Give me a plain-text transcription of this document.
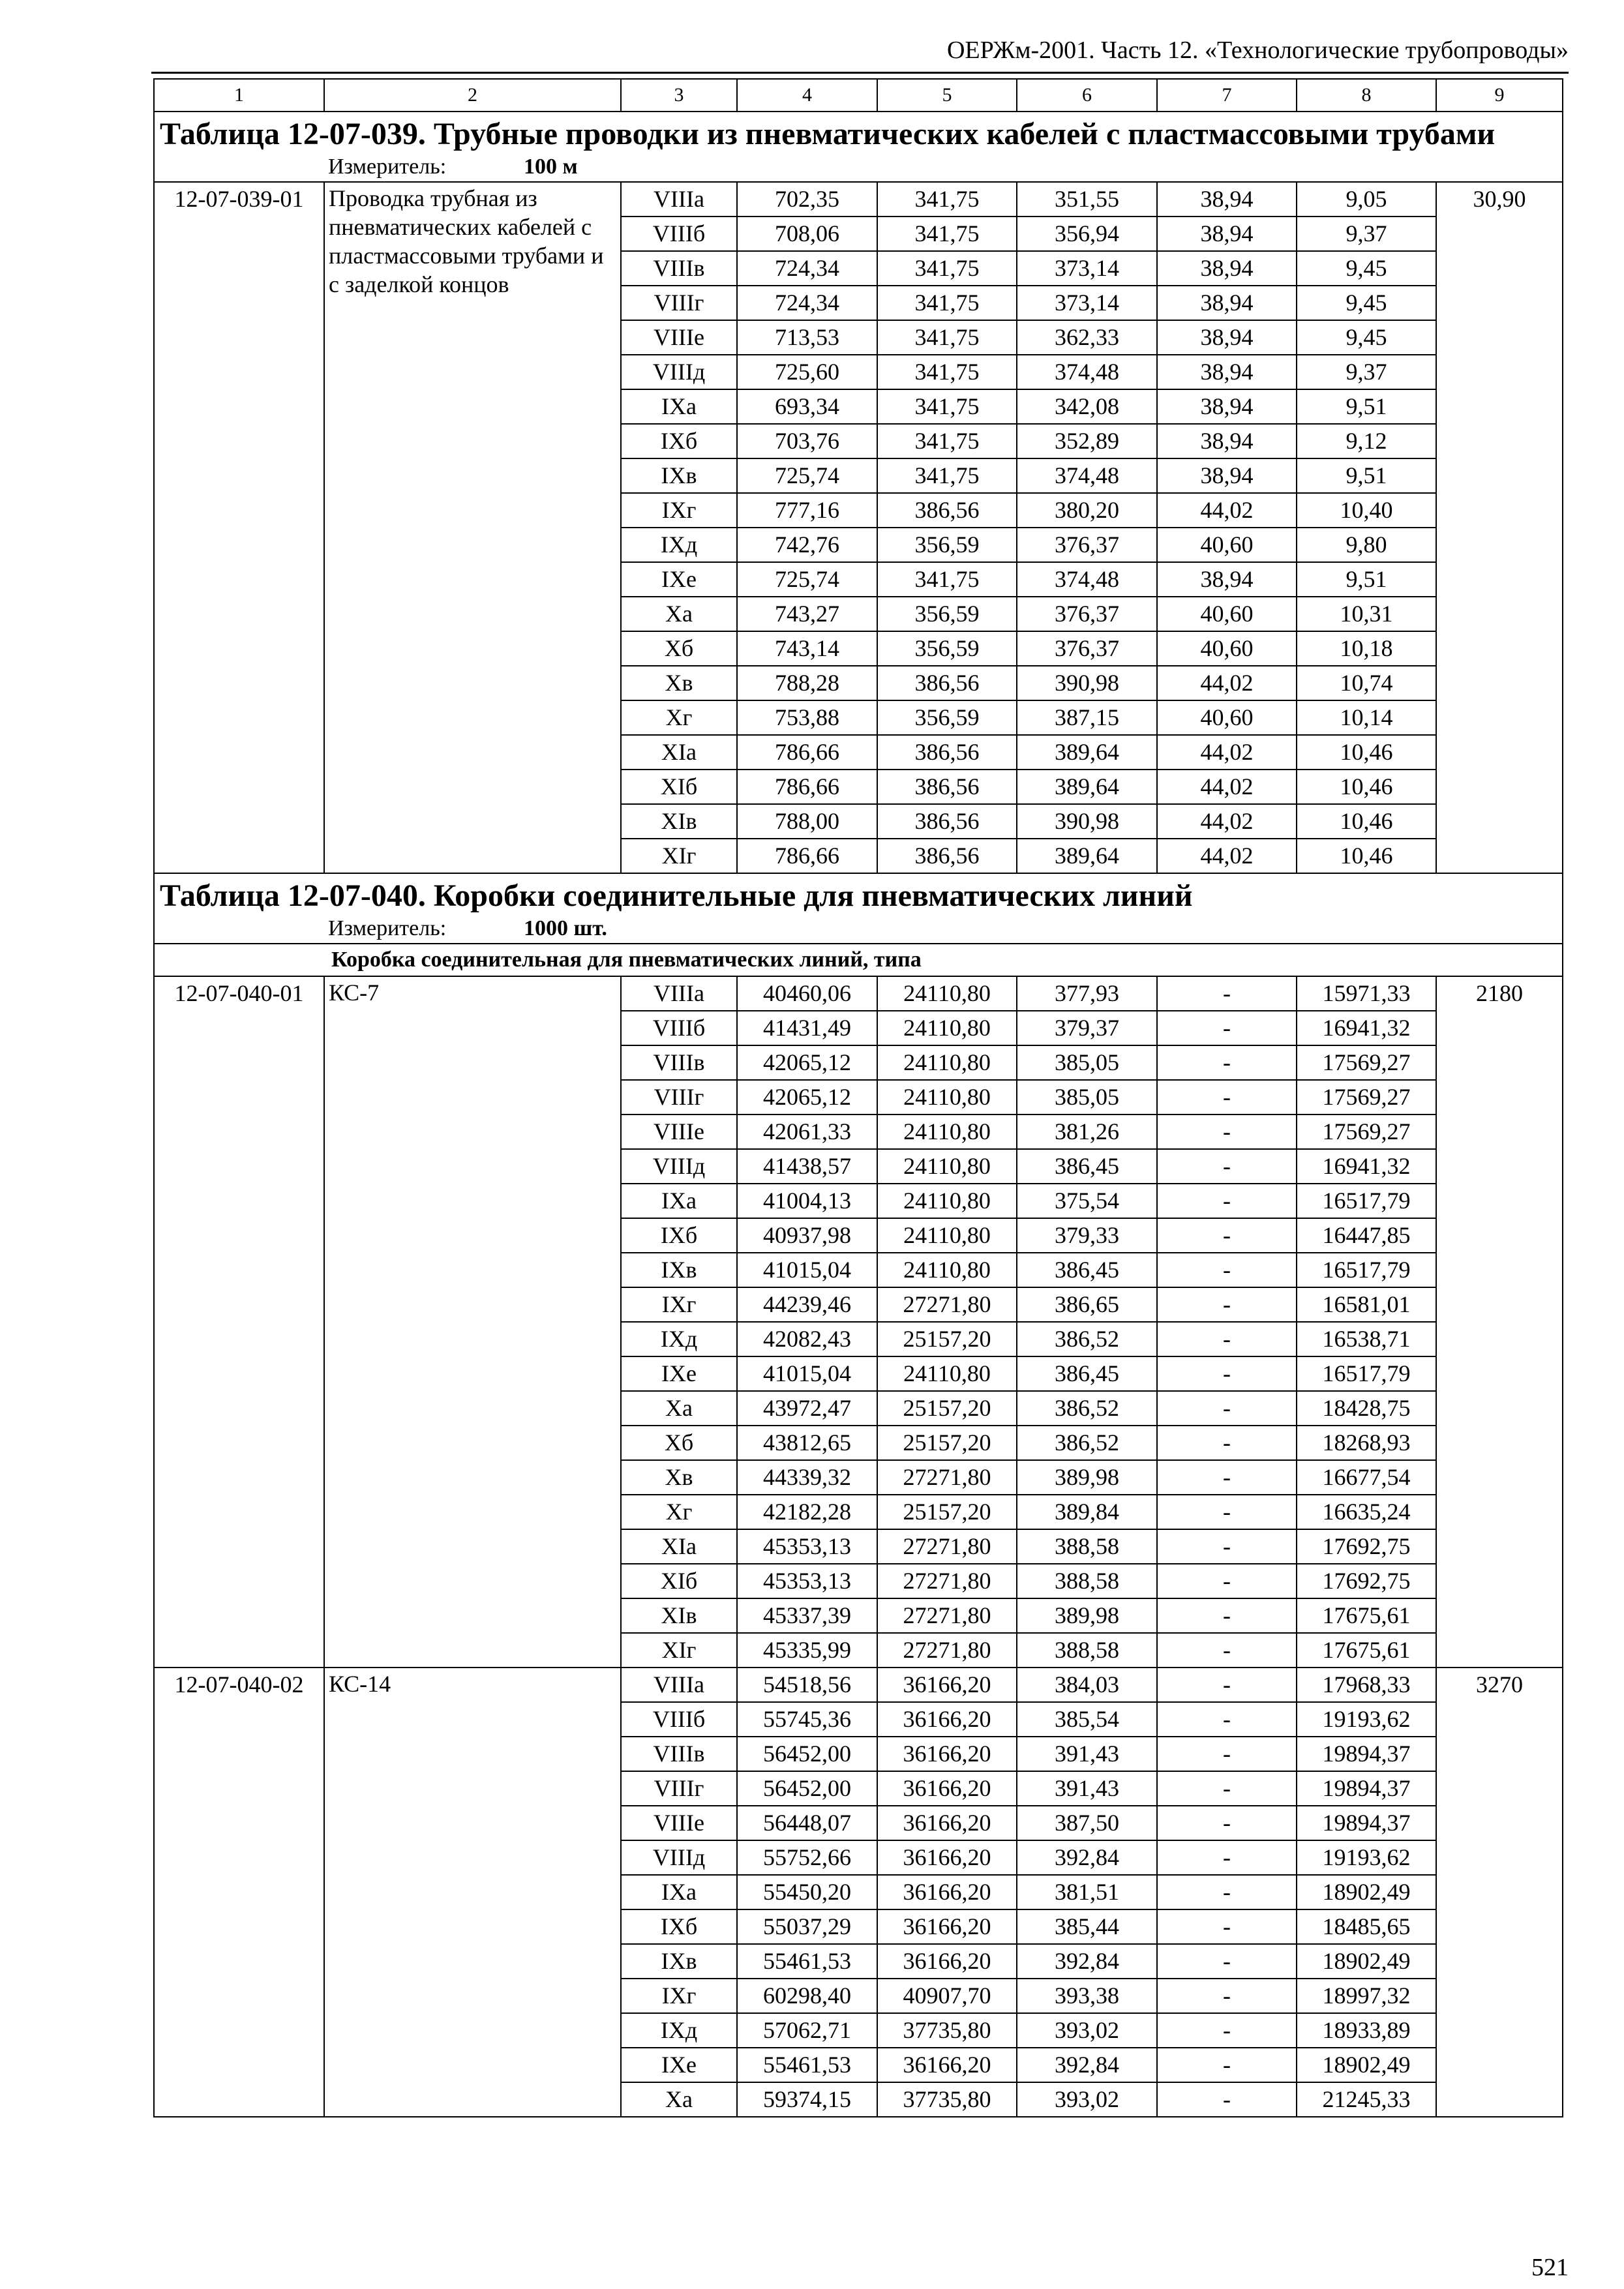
ОЕРЖм-2001. Часть 12. «Технологические трубопроводы»
1	2	3	4	5	6	7	8	9
Таблица 12-07-039. Трубные проводки из пневматических кабелей с пластмассовыми трубами								
Измеритель: 100 м								
12-07-039-01	Проводка трубная из пневматических кабелей с пластмассовыми трубами и с заделкой концов	VIIIа	702,35	341,75	351,55	38,94	9,05	30,90
		VIIIб	708,06	341,75	356,94	38,94	9,37	
		VIIIв	724,34	341,75	373,14	38,94	9,45	
		VIIIг	724,34	341,75	373,14	38,94	9,45	
		VIIIе	713,53	341,75	362,33	38,94	9,45	
		VIIIд	725,60	341,75	374,48	38,94	9,37	
		IXа	693,34	341,75	342,08	38,94	9,51	
		IXб	703,76	341,75	352,89	38,94	9,12	
		IXв	725,74	341,75	374,48	38,94	9,51	
		IXг	777,16	386,56	380,20	44,02	10,40	
		IXд	742,76	356,59	376,37	40,60	9,80	
		IXе	725,74	341,75	374,48	38,94	9,51	
		Xа	743,27	356,59	376,37	40,60	10,31	
		Xб	743,14	356,59	376,37	40,60	10,18	
		Xв	788,28	386,56	390,98	44,02	10,74	
		Xг	753,88	356,59	387,15	40,60	10,14	
		XIа	786,66	386,56	389,64	44,02	10,46	
		XIб	786,66	386,56	389,64	44,02	10,46	
		XIв	788,00	386,56	390,98	44,02	10,46	
		XIг	786,66	386,56	389,64	44,02	10,46	
Таблица 12-07-040. Коробки соединительные для пневматических линий								
Измеритель: 1000 шт.								
Коробка соединительная для пневматических линий, типа								
12-07-040-01	КС-7	VIIIа	40460,06	24110,80	377,93	-	15971,33	2180
		VIIIб	41431,49	24110,80	379,37	-	16941,32	
		VIIIв	42065,12	24110,80	385,05	-	17569,27	
		VIIIг	42065,12	24110,80	385,05	-	17569,27	
		VIIIе	42061,33	24110,80	381,26	-	17569,27	
		VIIIд	41438,57	24110,80	386,45	-	16941,32	
		IXа	41004,13	24110,80	375,54	-	16517,79	
		IXб	40937,98	24110,80	379,33	-	16447,85	
		IXв	41015,04	24110,80	386,45	-	16517,79	
		IXг	44239,46	27271,80	386,65	-	16581,01	
		IXд	42082,43	25157,20	386,52	-	16538,71	
		IXе	41015,04	24110,80	386,45	-	16517,79	
		Xа	43972,47	25157,20	386,52	-	18428,75	
		Xб	43812,65	25157,20	386,52	-	18268,93	
		Xв	44339,32	27271,80	389,98	-	16677,54	
		Xг	42182,28	25157,20	389,84	-	16635,24	
		XIа	45353,13	27271,80	388,58	-	17692,75	
		XIб	45353,13	27271,80	388,58	-	17692,75	
		XIв	45337,39	27271,80	389,98	-	17675,61	
		XIг	45335,99	27271,80	388,58	-	17675,61	
12-07-040-02	КС-14	VIIIа	54518,56	36166,20	384,03	-	17968,33	3270
		VIIIб	55745,36	36166,20	385,54	-	19193,62	
		VIIIв	56452,00	36166,20	391,43	-	19894,37	
		VIIIг	56452,00	36166,20	391,43	-	19894,37	
		VIIIе	56448,07	36166,20	387,50	-	19894,37	
		VIIIд	55752,66	36166,20	392,84	-	19193,62	
		IXа	55450,20	36166,20	381,51	-	18902,49	
		IXб	55037,29	36166,20	385,44	-	18485,65	
		IXв	55461,53	36166,20	392,84	-	18902,49	
		IXг	60298,40	40907,70	393,38	-	18997,32	
		IXд	57062,71	37735,80	393,02	-	18933,89	
		IXе	55461,53	36166,20	392,84	-	18902,49	
		Xа	59374,15	37735,80	393,02	-	21245,33	
521
